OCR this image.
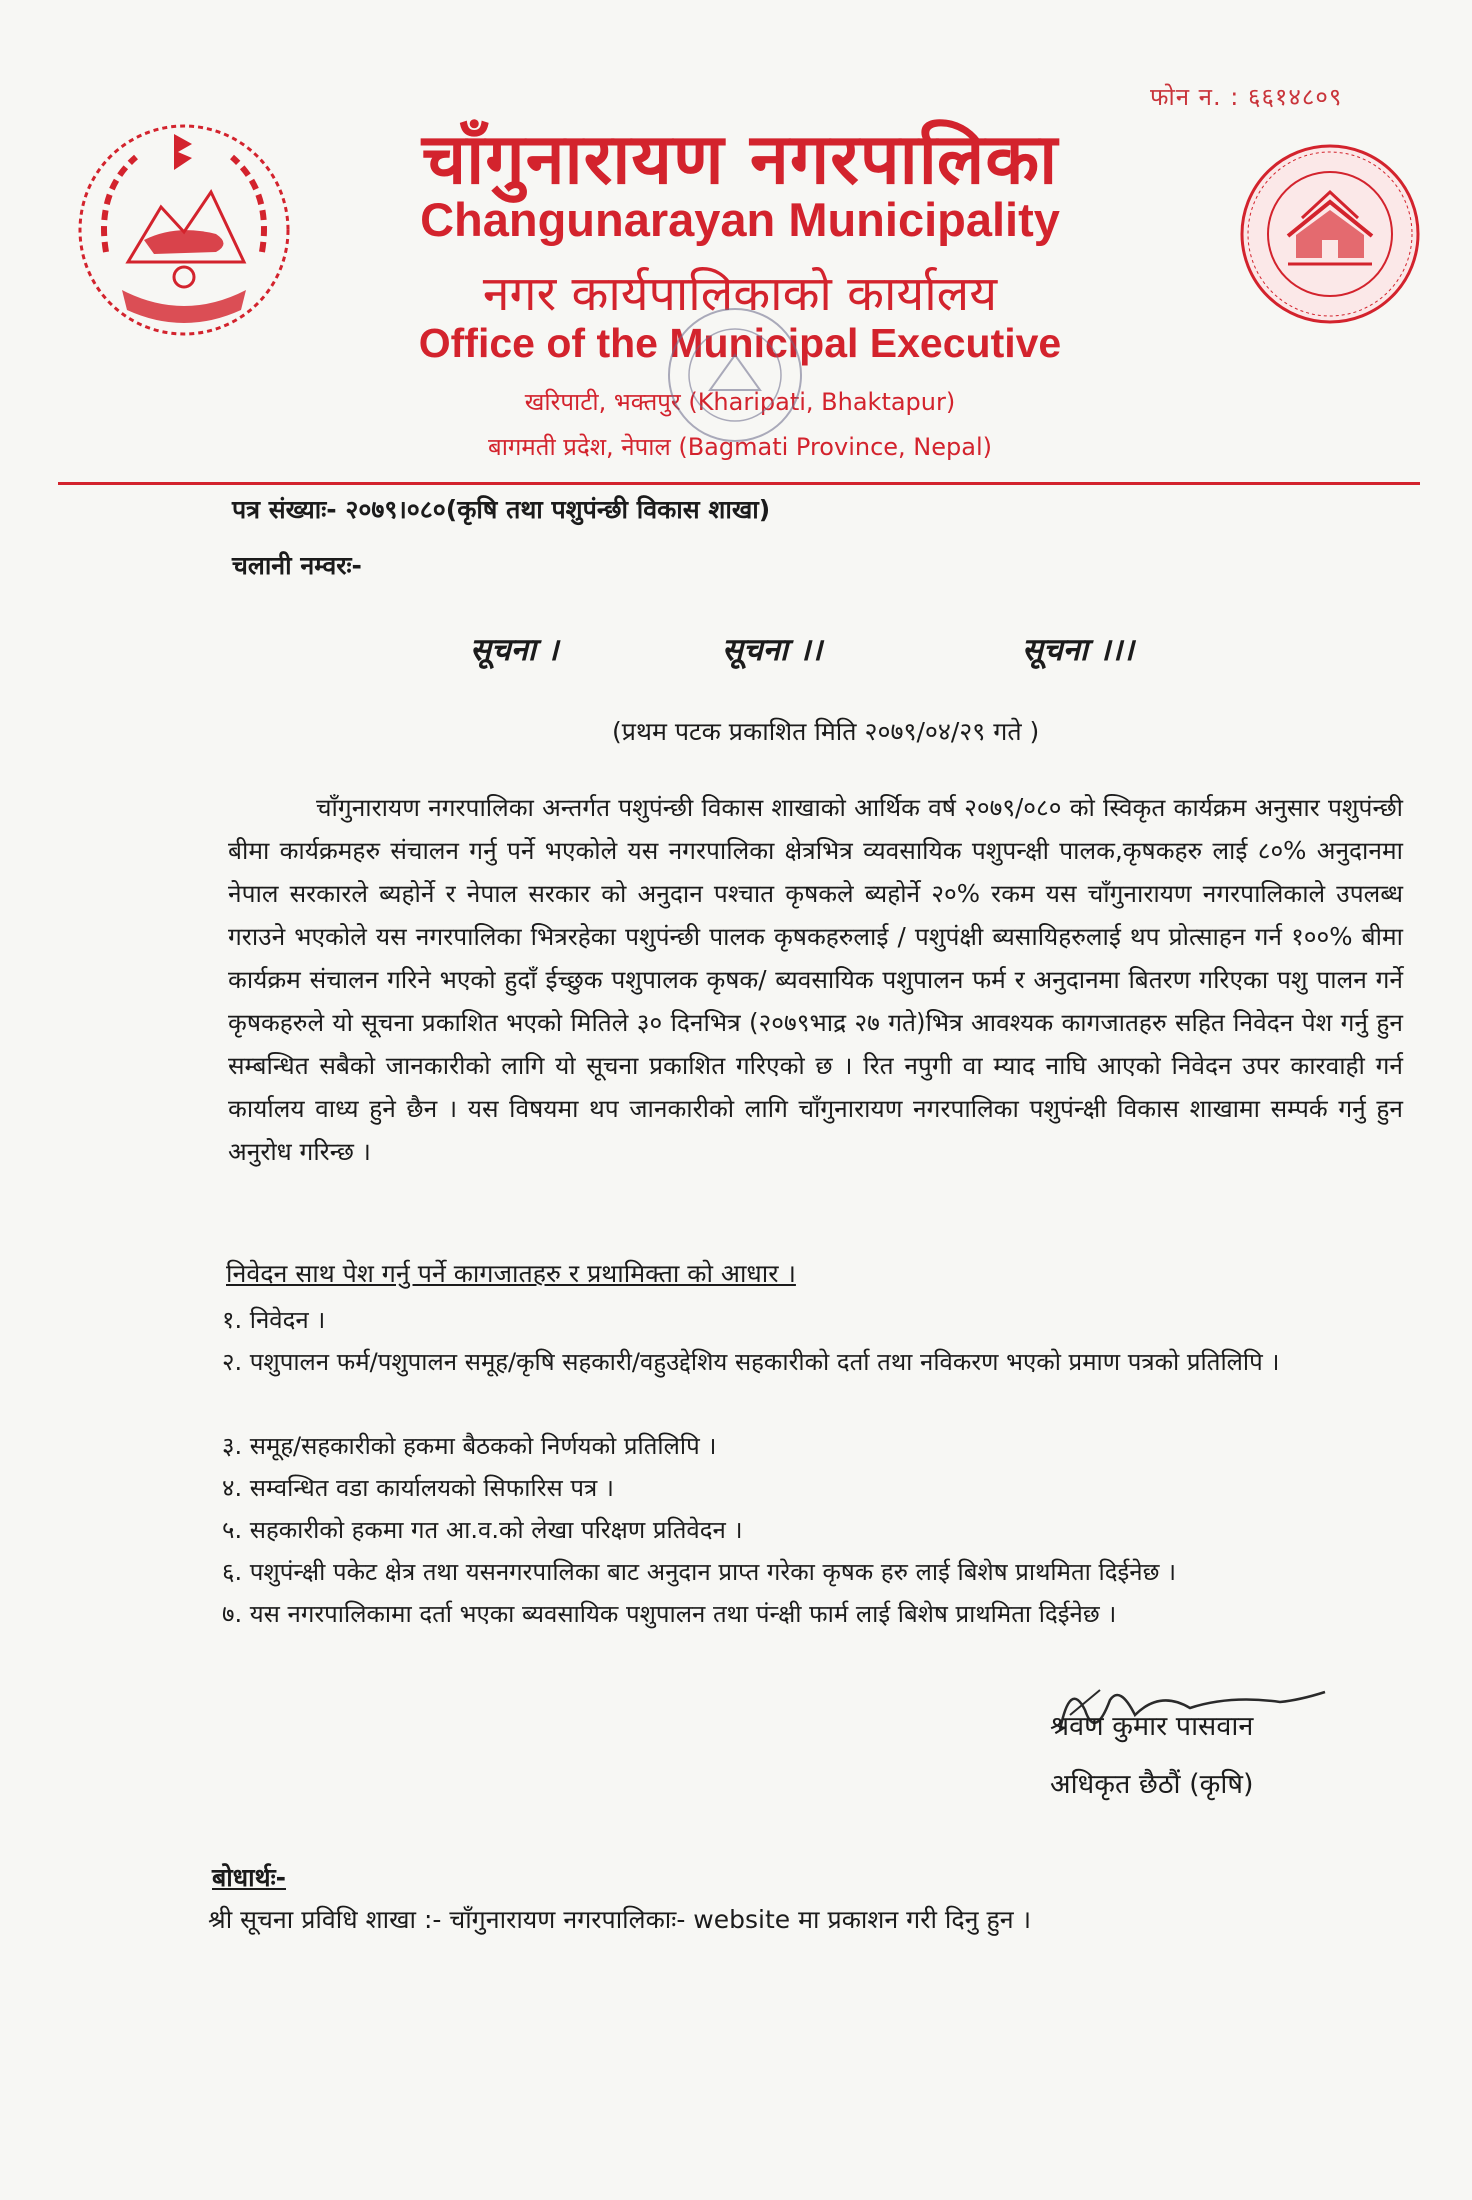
फोन न. : ६६१४८०९
चाँगुनारायण नगरपालिका
Changunarayan Municipality
नगर कार्यपालिकाको कार्यालय
Office of the Municipal Executive
खरिपाटी, भक्तपुर (Kharipati, Bhaktapur)
बागमती प्रदेश, नेपाल (Bagmati Province, Nepal)
पत्र संख्याः- २०७९।०८०(कृषि तथा पशुपंन्छी विकास शाखा)
चलानी नम्वरः-
सूचना ।	सूचना ।।	सूचना ।।।
(प्रथम पटक प्रकाशित मिति २०७९/०४/२९ गते )
चाँगुनारायण नगरपालिका अन्तर्गत पशुपंन्छी विकास शाखाको आर्थिक वर्ष २०७९/०८० को स्विकृत कार्यक्रम अनुसार पशुपंन्छी बीमा कार्यक्रमहरु संचालन गर्नु पर्ने भएकोले यस नगरपालिका क्षेत्रभित्र व्यवसायिक पशुपन्क्षी पालक,कृषकहरु लाई ८०% अनुदानमा नेपाल सरकारले ब्यहोर्ने र नेपाल सरकार को अनुदान पश्चात कृषकले ब्यहोर्ने २०% रकम यस चाँगुनारायण नगरपालिकाले उपलब्ध गराउने भएकोले यस नगरपालिका भित्ररहेका पशुपंन्छी पालक कृषकहरुलाई / पशुपंक्षी ब्यसायिहरुलाई थप प्रोत्साहन गर्न १००% बीमा कार्यक्रम संचालन गरिने भएको हुदाँ ईच्छुक पशुपालक कृषक/ ब्यवसायिक पशुपालन फर्म र अनुदानमा बितरण गरिएका पशु पालन गर्ने कृषकहरुले यो सूचना प्रकाशित भएको मितिले ३० दिनभित्र (२०७९भाद्र २७ गते)भित्र आवश्यक कागजातहरु सहित निवेदन पेश गर्नु हुन सम्बन्धित सबैको जानकारीको लागि यो सूचना प्रकाशित गरिएको छ । रित नपुगी वा म्याद नाघि आएको निवेदन उपर कारवाही गर्न कार्यालय वाध्य हुने छैन । यस विषयमा थप जानकारीको लागि चाँगुनारायण नगरपालिका पशुपंन्क्षी विकास शाखामा सम्पर्क गर्नु हुन अनुरोध गरिन्छ ।
निवेदन साथ पेश गर्नु पर्ने कागजातहरु र प्रथामिक्ता को आधार ।
१. निवेदन ।
२. पशुपालन फर्म/पशुपालन समूह/कृषि सहकारी/वहुउद्देशिय सहकारीको दर्ता तथा नविकरण भएको प्रमाण पत्रको प्रतिलिपि ।
३. समूह/सहकारीको हकमा बैठकको निर्णयको प्रतिलिपि ।
४. सम्वन्धित वडा कार्यालयको सिफारिस पत्र ।
५. सहकारीको हकमा गत आ.व.को लेखा परिक्षण प्रतिवेदन ।
६. पशुपंन्क्षी पकेट क्षेत्र तथा यसनगरपालिका बाट अनुदान प्राप्त गरेका कृषक हरु लाई बिशेष प्राथमिता दिईनेछ ।
७. यस नगरपालिकामा दर्ता भएका ब्यवसायिक पशुपालन तथा पंन्क्षी फार्म लाई बिशेष प्राथमिता दिईनेछ ।
श्रवण कुमार पासवान
अधिकृत छैठौं (कृषि)
बोधार्थः-
श्री सूचना प्रविधि शाखा :- चाँगुनारायण नगरपालिकाः- website मा प्रकाशन गरी दिनु हुन ।
